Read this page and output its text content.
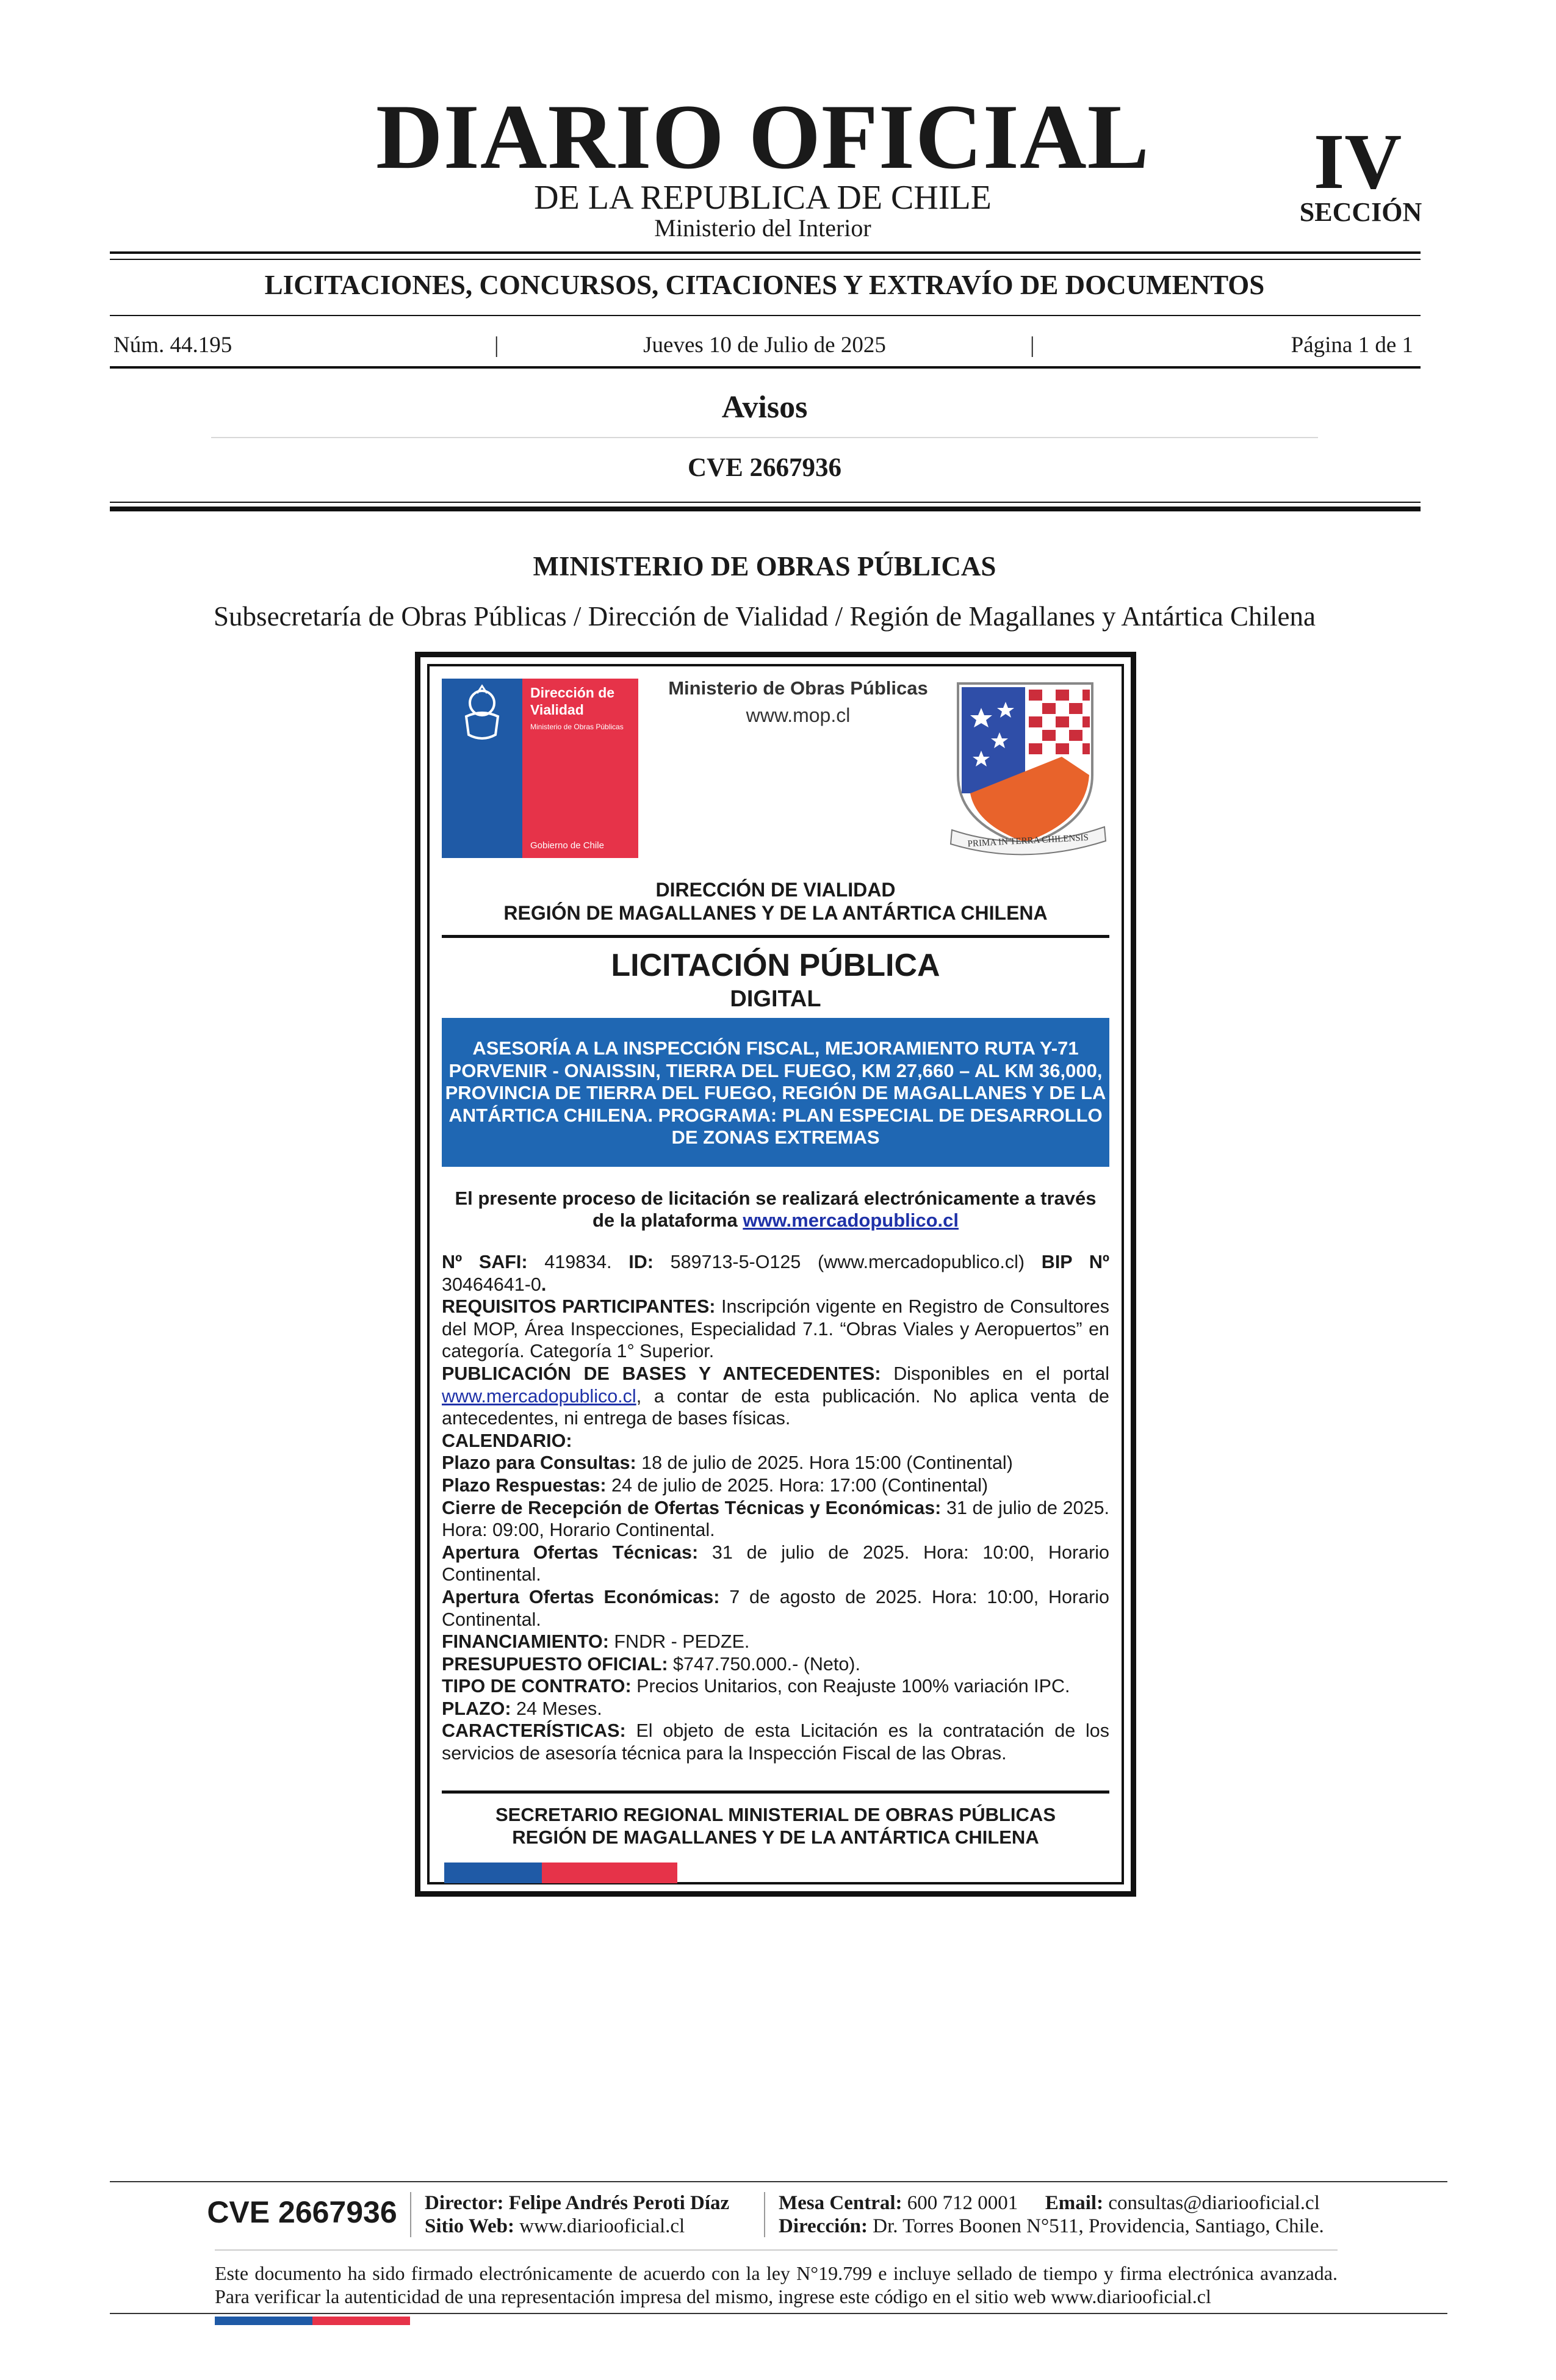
DIARIO OFICIAL
DE LA REPUBLICA DE CHILE
Ministerio del Interior
IV
SECCIÓN
LICITACIONES, CONCURSOS, CITACIONES Y EXTRAVÍO DE DOCUMENTOS
Núm. 44.195	|	Jueves 10 de Julio de 2025	|	Página 1 de 1
Avisos
CVE 2667936
MINISTERIO DE OBRAS PÚBLICAS
Subsecretaría de Obras Públicas / Dirección de Vialidad / Región de Magallanes y Antártica Chilena
Dirección de
Vialidad
Ministerio de Obras Públicas
Gobierno de Chile
Ministerio de Obras Públicas
www.mop.cl
PRIMA IN TERRA CHILENSIS
DIRECCIÓN DE VIALIDAD
REGIÓN DE MAGALLANES Y DE LA ANTÁRTICA CHILENA
LICITACIÓN PÚBLICA
DIGITAL
ASESORÍA A LA INSPECCIÓN FISCAL, MEJORAMIENTO RUTA Y-71 PORVENIR - ONAISSIN, TIERRA DEL FUEGO, KM 27,660 – AL KM 36,000, PROVINCIA DE TIERRA DEL FUEGO, REGIÓN DE MAGALLANES Y DE LA ANTÁRTICA CHILENA. PROGRAMA: PLAN ESPECIAL DE DESARROLLO DE ZONAS EXTREMAS
El presente proceso de licitación se realizará electrónicamente a través de la plataforma www.mercadopublico.cl

Nº SAFI: 419834. ID: 589713-5-O125 (www.mercadopublico.cl) BIP Nº 30464641-0.

REQUISITOS PARTICIPANTES: Inscripción vigente en Registro de Consultores del MOP, Área Inspecciones, Especialidad 7.1. “Obras Viales y Aeropuertos” en categoría. Categoría 1° Superior.

PUBLICACIÓN DE BASES Y ANTECEDENTES: Disponibles en el portal www.mercadopublico.cl, a contar de esta publicación. No aplica venta de antecedentes, ni entrega de bases físicas.

CALENDARIO:

Plazo para Consultas: 18 de julio de 2025. Hora 15:00 (Continental)

Plazo Respuestas: 24 de julio de 2025. Hora: 17:00 (Continental)

Cierre de Recepción de Ofertas Técnicas y Económicas: 31 de julio de 2025. Hora: 09:00, Horario Continental.

Apertura Ofertas Técnicas: 31 de julio de 2025. Hora: 10:00, Horario Continental.

Apertura Ofertas Económicas: 7 de agosto de 2025. Hora: 10:00, Horario Continental.

FINANCIAMIENTO: FNDR - PEDZE.

PRESUPUESTO OFICIAL: $747.750.000.- (Neto).

TIPO DE CONTRATO: Precios Unitarios, con Reajuste 100% variación IPC.

PLAZO: 24 Meses.

CARACTERÍSTICAS: El objeto de esta Licitación es la contratación de los servicios de asesoría técnica para la Inspección Fiscal de las Obras.

SECRETARIO REGIONAL MINISTERIAL DE OBRAS PÚBLICAS
REGIÓN DE MAGALLANES Y DE LA ANTÁRTICA CHILENA
CVE 2667936 Director: Felipe Andrés Peroti Díaz
Sitio Web: www.diariooficial.cl
Mesa Central: 600 712 0001 Email: consultas@diariooficial.cl
Dirección: Dr. Torres Boonen N°511, Providencia, Santiago, Chile.
Este documento ha sido firmado electrónicamente de acuerdo con la ley N°19.799 e incluye sellado de tiempo y firma electrónica avanzada. Para verificar la autenticidad de una representación impresa del mismo, ingrese este código en el sitio web www.diariooficial.cl
